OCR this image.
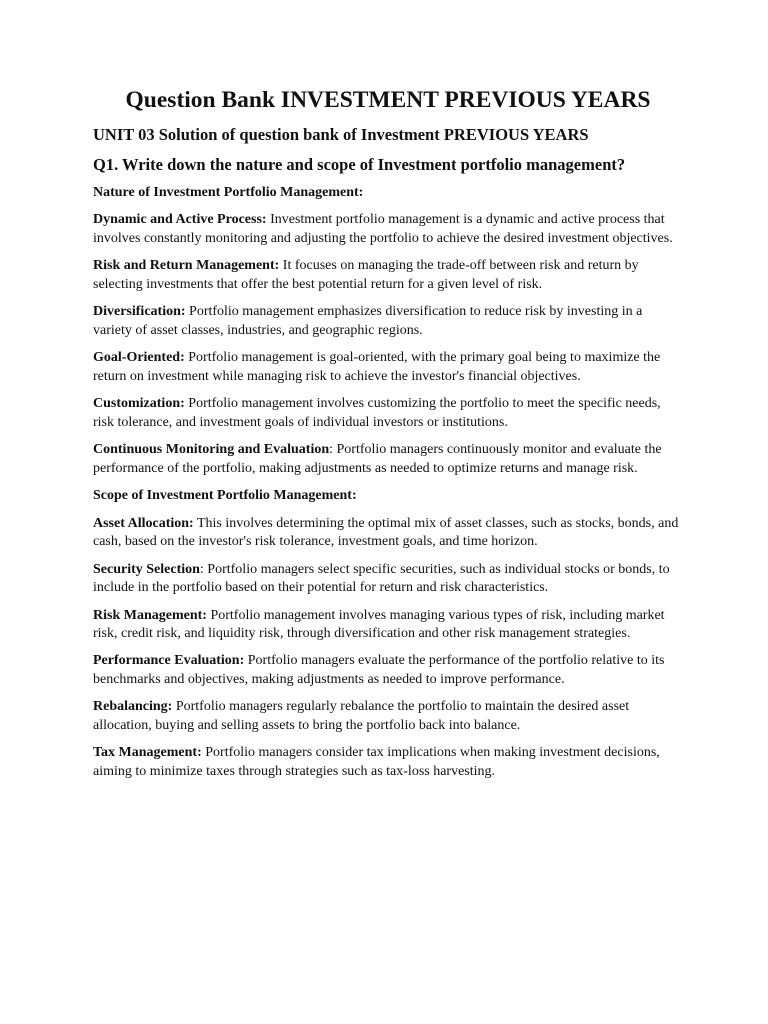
Question Bank INVESTMENT PREVIOUS YEARS
UNIT 03 Solution of question bank of Investment PREVIOUS YEARS
Q1. Write down the nature and scope of Investment portfolio management?
Nature of Investment Portfolio Management:

Dynamic and Active Process: Investment portfolio management is a dynamic and active process that involves constantly monitoring and adjusting the portfolio to achieve the desired investment objectives.

Risk and Return Management: It focuses on managing the trade-off between risk and return by selecting investments that offer the best potential return for a given level of risk.

Diversification: Portfolio management emphasizes diversification to reduce risk by investing in a variety of asset classes, industries, and geographic regions.

Goal-Oriented: Portfolio management is goal-oriented, with the primary goal being to maximize the return on investment while managing risk to achieve the investor's financial objectives.

Customization: Portfolio management involves customizing the portfolio to meet the specific needs, risk tolerance, and investment goals of individual investors or institutions.

Continuous Monitoring and Evaluation: Portfolio managers continuously monitor and evaluate the performance of the portfolio, making adjustments as needed to optimize returns and manage risk.

Scope of Investment Portfolio Management:

Asset Allocation: This involves determining the optimal mix of asset classes, such as stocks, bonds, and cash, based on the investor's risk tolerance, investment goals, and time horizon.

Security Selection: Portfolio managers select specific securities, such as individual stocks or bonds, to include in the portfolio based on their potential for return and risk characteristics.

Risk Management: Portfolio management involves managing various types of risk, including market risk, credit risk, and liquidity risk, through diversification and other risk management strategies.

Performance Evaluation: Portfolio managers evaluate the performance of the portfolio relative to its benchmarks and objectives, making adjustments as needed to improve performance.

Rebalancing: Portfolio managers regularly rebalance the portfolio to maintain the desired asset allocation, buying and selling assets to bring the portfolio back into balance.

Tax Management: Portfolio managers consider tax implications when making investment decisions, aiming to minimize taxes through strategies such as tax-loss harvesting.
